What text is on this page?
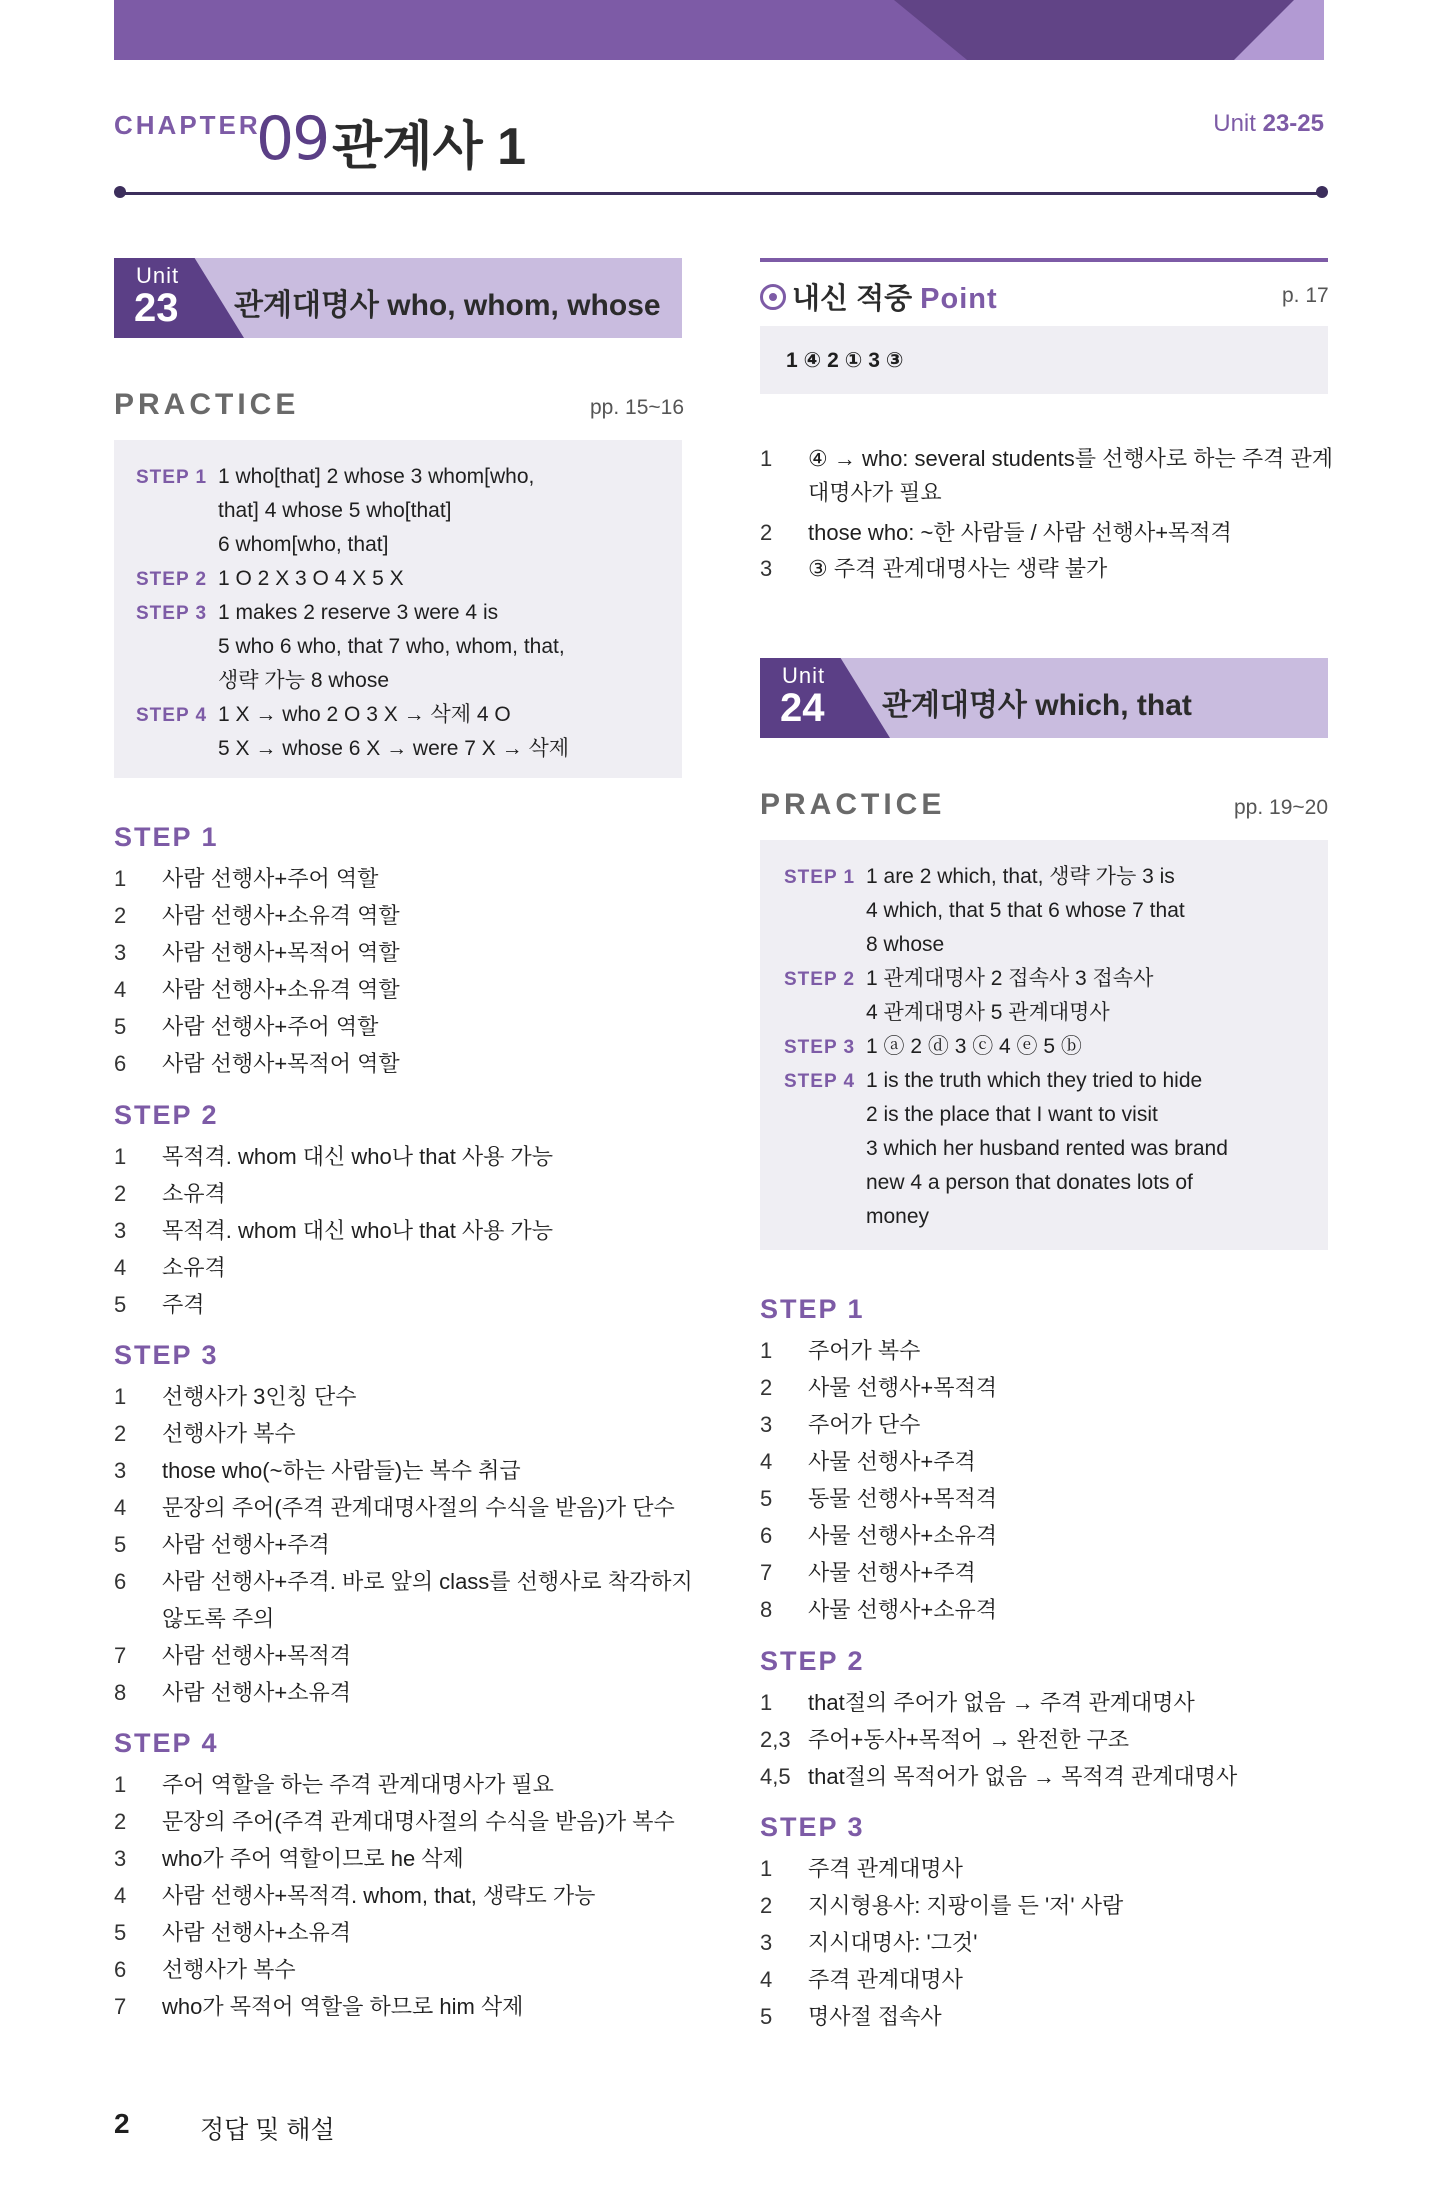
CHAPTER
09 관계사 1	Unit 23-25
Unit
23 관계대명사 who, whom, whose
PRACTICE	pp. 15~16
STEP 1 1 who[that] 2 whose 3 whom[who,
that] 4 whose 5 who[that]
6 whom[who, that]
STEP 2 1 O 2 X 3 O 4 X 5 X
STEP 3 1 makes 2 reserve 3 were 4 is
5 who 6 who, that 7 who, whom, that,
생략 가능 8 whose
STEP 4 1 X → who 2 O 3 X → 삭제 4 O
5 X → whose 6 X → were 7 X → 삭제
STEP 1
1 사람 선행사+주어 역할
2 사람 선행사+소유격 역할
3 사람 선행사+목적어 역할
4 사람 선행사+소유격 역할
5 사람 선행사+주어 역할
6 사람 선행사+목적어 역할
STEP 2
1 목적격. whom 대신 who나 that 사용 가능
2 소유격
3 목적격. whom 대신 who나 that 사용 가능
4 소유격
5 주격
STEP 3
1 선행사가 3인칭 단수
2 선행사가 복수
3 those who(~하는 사람들)는 복수 취급
4 문장의 주어(주격 관계대명사절의 수식을 받음)가 단수
5 사람 선행사+주격
6 사람 선행사+주격. 바로 앞의 class를 선행사로 착각하지
않도록 주의
7 사람 선행사+목적격
8 사람 선행사+소유격
STEP 4
1 주어 역할을 하는 주격 관계대명사가 필요
2 문장의 주어(주격 관계대명사절의 수식을 받음)가 복수
3 who가 주어 역할이므로 he 삭제
4 사람 선행사+목적격. whom, that, 생략도 가능
5 사람 선행사+소유격
6 선행사가 복수
7 who가 목적어 역할을 하므로 him 삭제
내신 적중 Point	p. 17
1 ④ 2 ① 3 ③
1 ④ → who: several students를 선행사로 하는 주격 관계
대명사가 필요
2 those who: ~한 사람들 / 사람 선행사+목적격
3 ③ 주격 관계대명사는 생략 불가
Unit
24 관계대명사 which, that
PRACTICE	pp. 19~20
STEP 1 1 are 2 which, that, 생략 가능 3 is
4 which, that 5 that 6 whose 7 that
8 whose
STEP 2 1 관계대명사 2 접속사 3 접속사
4 관계대명사 5 관계대명사
STEP 3 1 ⓐ 2 ⓓ 3 ⓒ 4 ⓔ 5 ⓑ
STEP 4 1 is the truth which they tried to hide
2 is the place that I want to visit
3 which her husband rented was brand
new 4 a person that donates lots of
money
STEP 1
1 주어가 복수
2 사물 선행사+목적격
3 주어가 단수
4 사물 선행사+주격
5 동물 선행사+목적격
6 사물 선행사+소유격
7 사물 선행사+주격
8 사물 선행사+소유격
STEP 2
1 that절의 주어가 없음 → 주격 관계대명사
2,3 주어+동사+목적어 → 완전한 구조
4,5 that절의 목적어가 없음 → 목적격 관계대명사
STEP 3
1 주격 관계대명사
2 지시형용사: 지팡이를 든 '저' 사람
3 지시대명사: '그것'
4 주격 관계대명사
5 명사절 접속사
2	정답 및 해설
